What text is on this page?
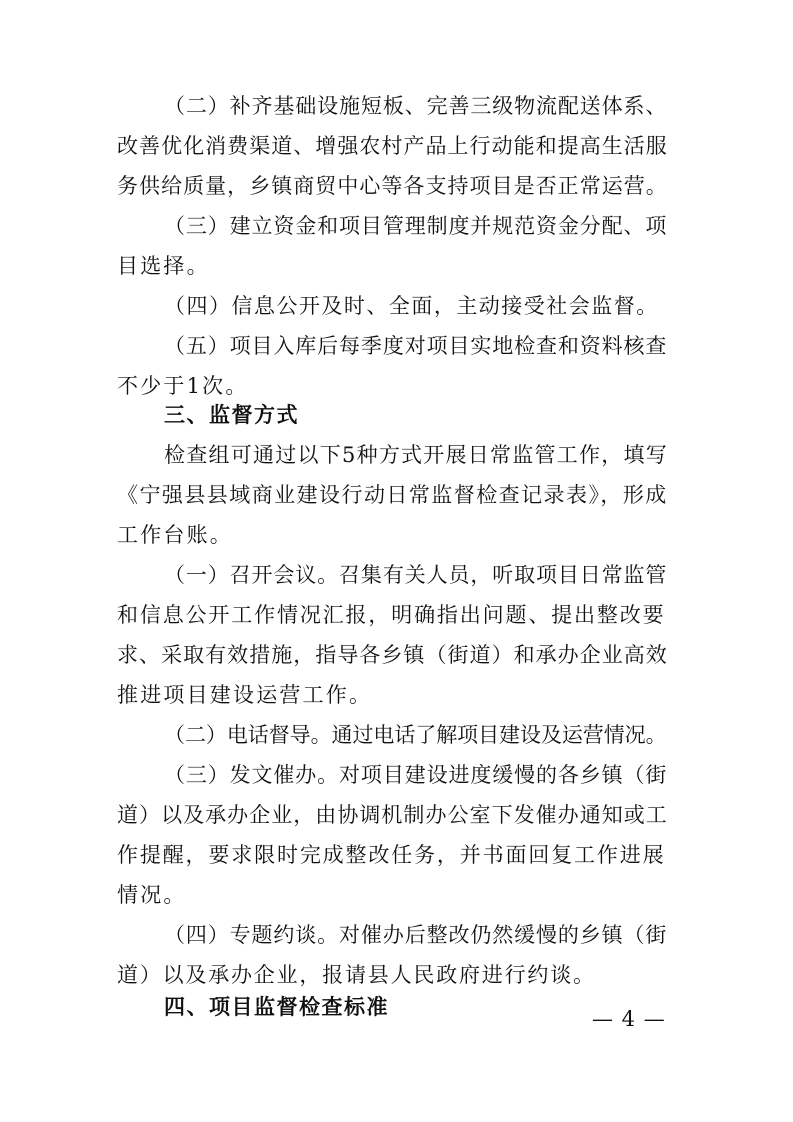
（二）补齐基础设施短板、完善三级物流配送体系、
改善优化消费渠道、增强农村产品上行动能和提高生活服
务供给质量，乡镇商贸中心等各支持项目是否正常运营。
（三）建立资金和项目管理制度并规范资金分配、项
目选择。
（四）信息公开及时、全面，主动接受社会监督。
（五）项目入库后每季度对项目实地检查和资料核查
不少于1次。
三、监督方式
检查组可通过以下5种方式开展日常监管工作，填写
《宁强县县域商业建设行动日常监督检查记录表》，形成
工作台账。
（一）召开会议。召集有关人员，听取项目日常监管
和信息公开工作情况汇报，明确指出问题、提出整改要
求、采取有效措施，指导各乡镇（街道）和承办企业高效
推进项目建设运营工作。
（二）电话督导。通过电话了解项目建设及运营情况。
（三）发文催办。对项目建设进度缓慢的各乡镇（街
道）以及承办企业，由协调机制办公室下发催办通知或工
作提醒，要求限时完成整改任务，并书面回复工作进展
情况。
（四）专题约谈。对催办后整改仍然缓慢的乡镇（街
道）以及承办企业，报请县人民政府进行约谈。
四、项目监督检查标准	— 4 —
